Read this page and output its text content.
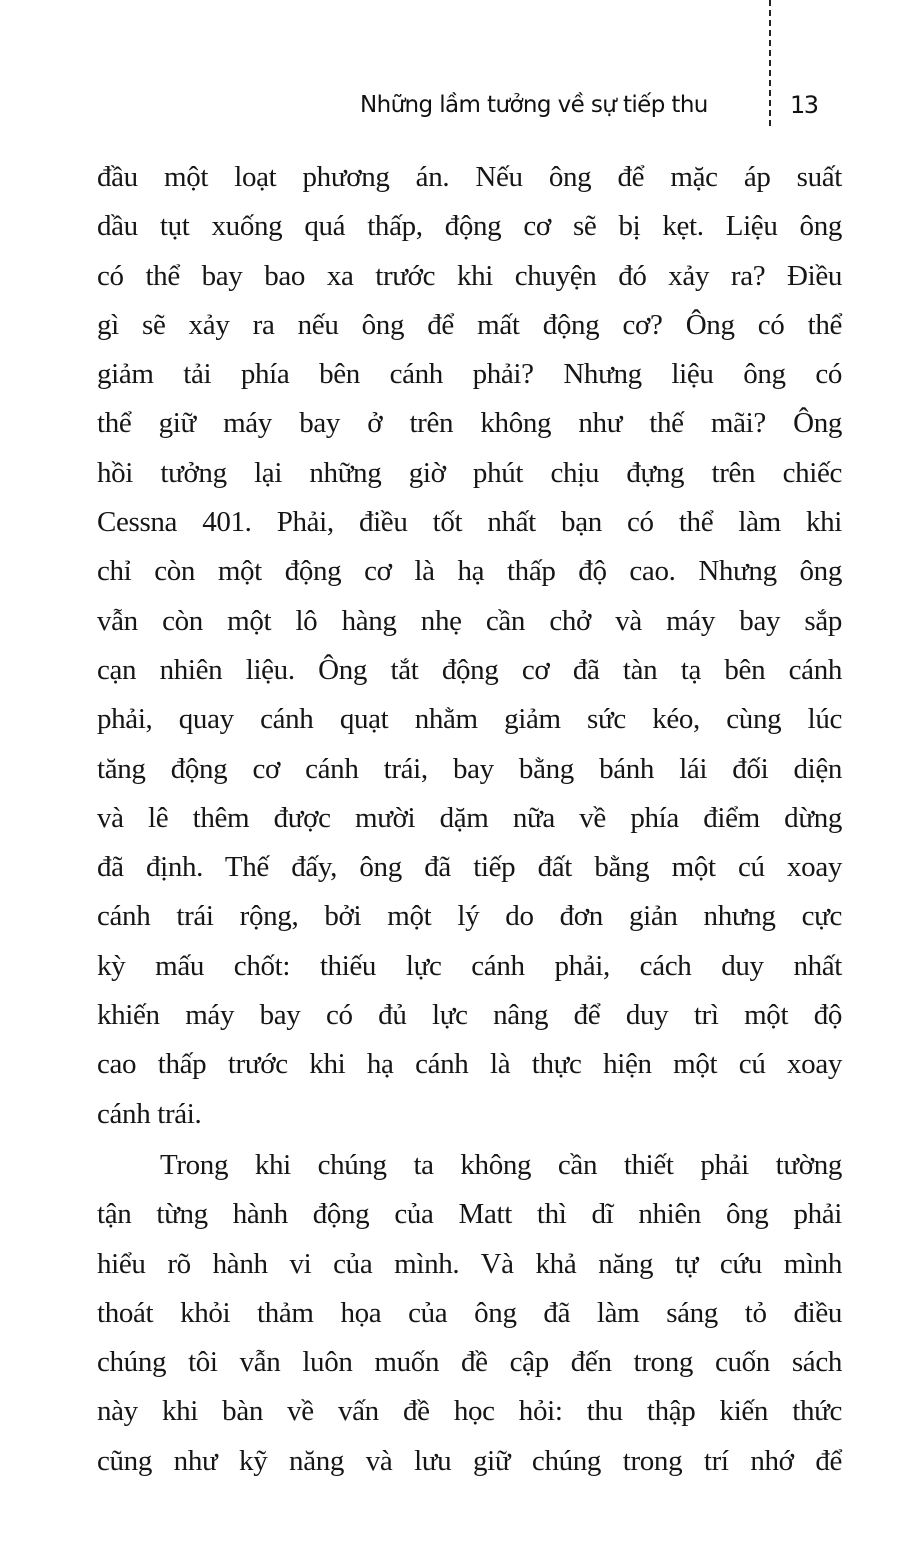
Những lầm tưởng về sự tiếp thu	13
đầu một loạt phương án. Nếu ông để mặc áp suất
dầu tụt xuống quá thấp, động cơ sẽ bị kẹt. Liệu ông
có thể bay bao xa trước khi chuyện đó xảy ra? Điều
gì sẽ xảy ra nếu ông để mất động cơ? Ông có thể
giảm tải phía bên cánh phải? Nhưng liệu ông có
thể giữ máy bay ở trên không như thế mãi? Ông
hồi tưởng lại những giờ phút chịu đựng trên chiếc
Cessna 401. Phải, điều tốt nhất bạn có thể làm khi
chỉ còn một động cơ là hạ thấp độ cao. Nhưng ông
vẫn còn một lô hàng nhẹ cần chở và máy bay sắp
cạn nhiên liệu. Ông tắt động cơ đã tàn tạ bên cánh
phải, quay cánh quạt nhằm giảm sức kéo, cùng lúc
tăng động cơ cánh trái, bay bằng bánh lái đối diện
và lê thêm được mười dặm nữa về phía điểm dừng
đã định. Thế đấy, ông đã tiếp đất bằng một cú xoay
cánh trái rộng, bởi một lý do đơn giản nhưng cực
kỳ mấu chốt: thiếu lực cánh phải, cách duy nhất
khiến máy bay có đủ lực nâng để duy trì một độ
cao thấp trước khi hạ cánh là thực hiện một cú xoay
cánh trái.
Trong khi chúng ta không cần thiết phải tường
tận từng hành động của Matt thì dĩ nhiên ông phải
hiểu rõ hành vi của mình. Và khả năng tự cứu mình
thoát khỏi thảm họa của ông đã làm sáng tỏ điều
chúng tôi vẫn luôn muốn đề cập đến trong cuốn sách
này khi bàn về vấn đề học hỏi: thu thập kiến thức
cũng như kỹ năng và lưu giữ chúng trong trí nhớ để
